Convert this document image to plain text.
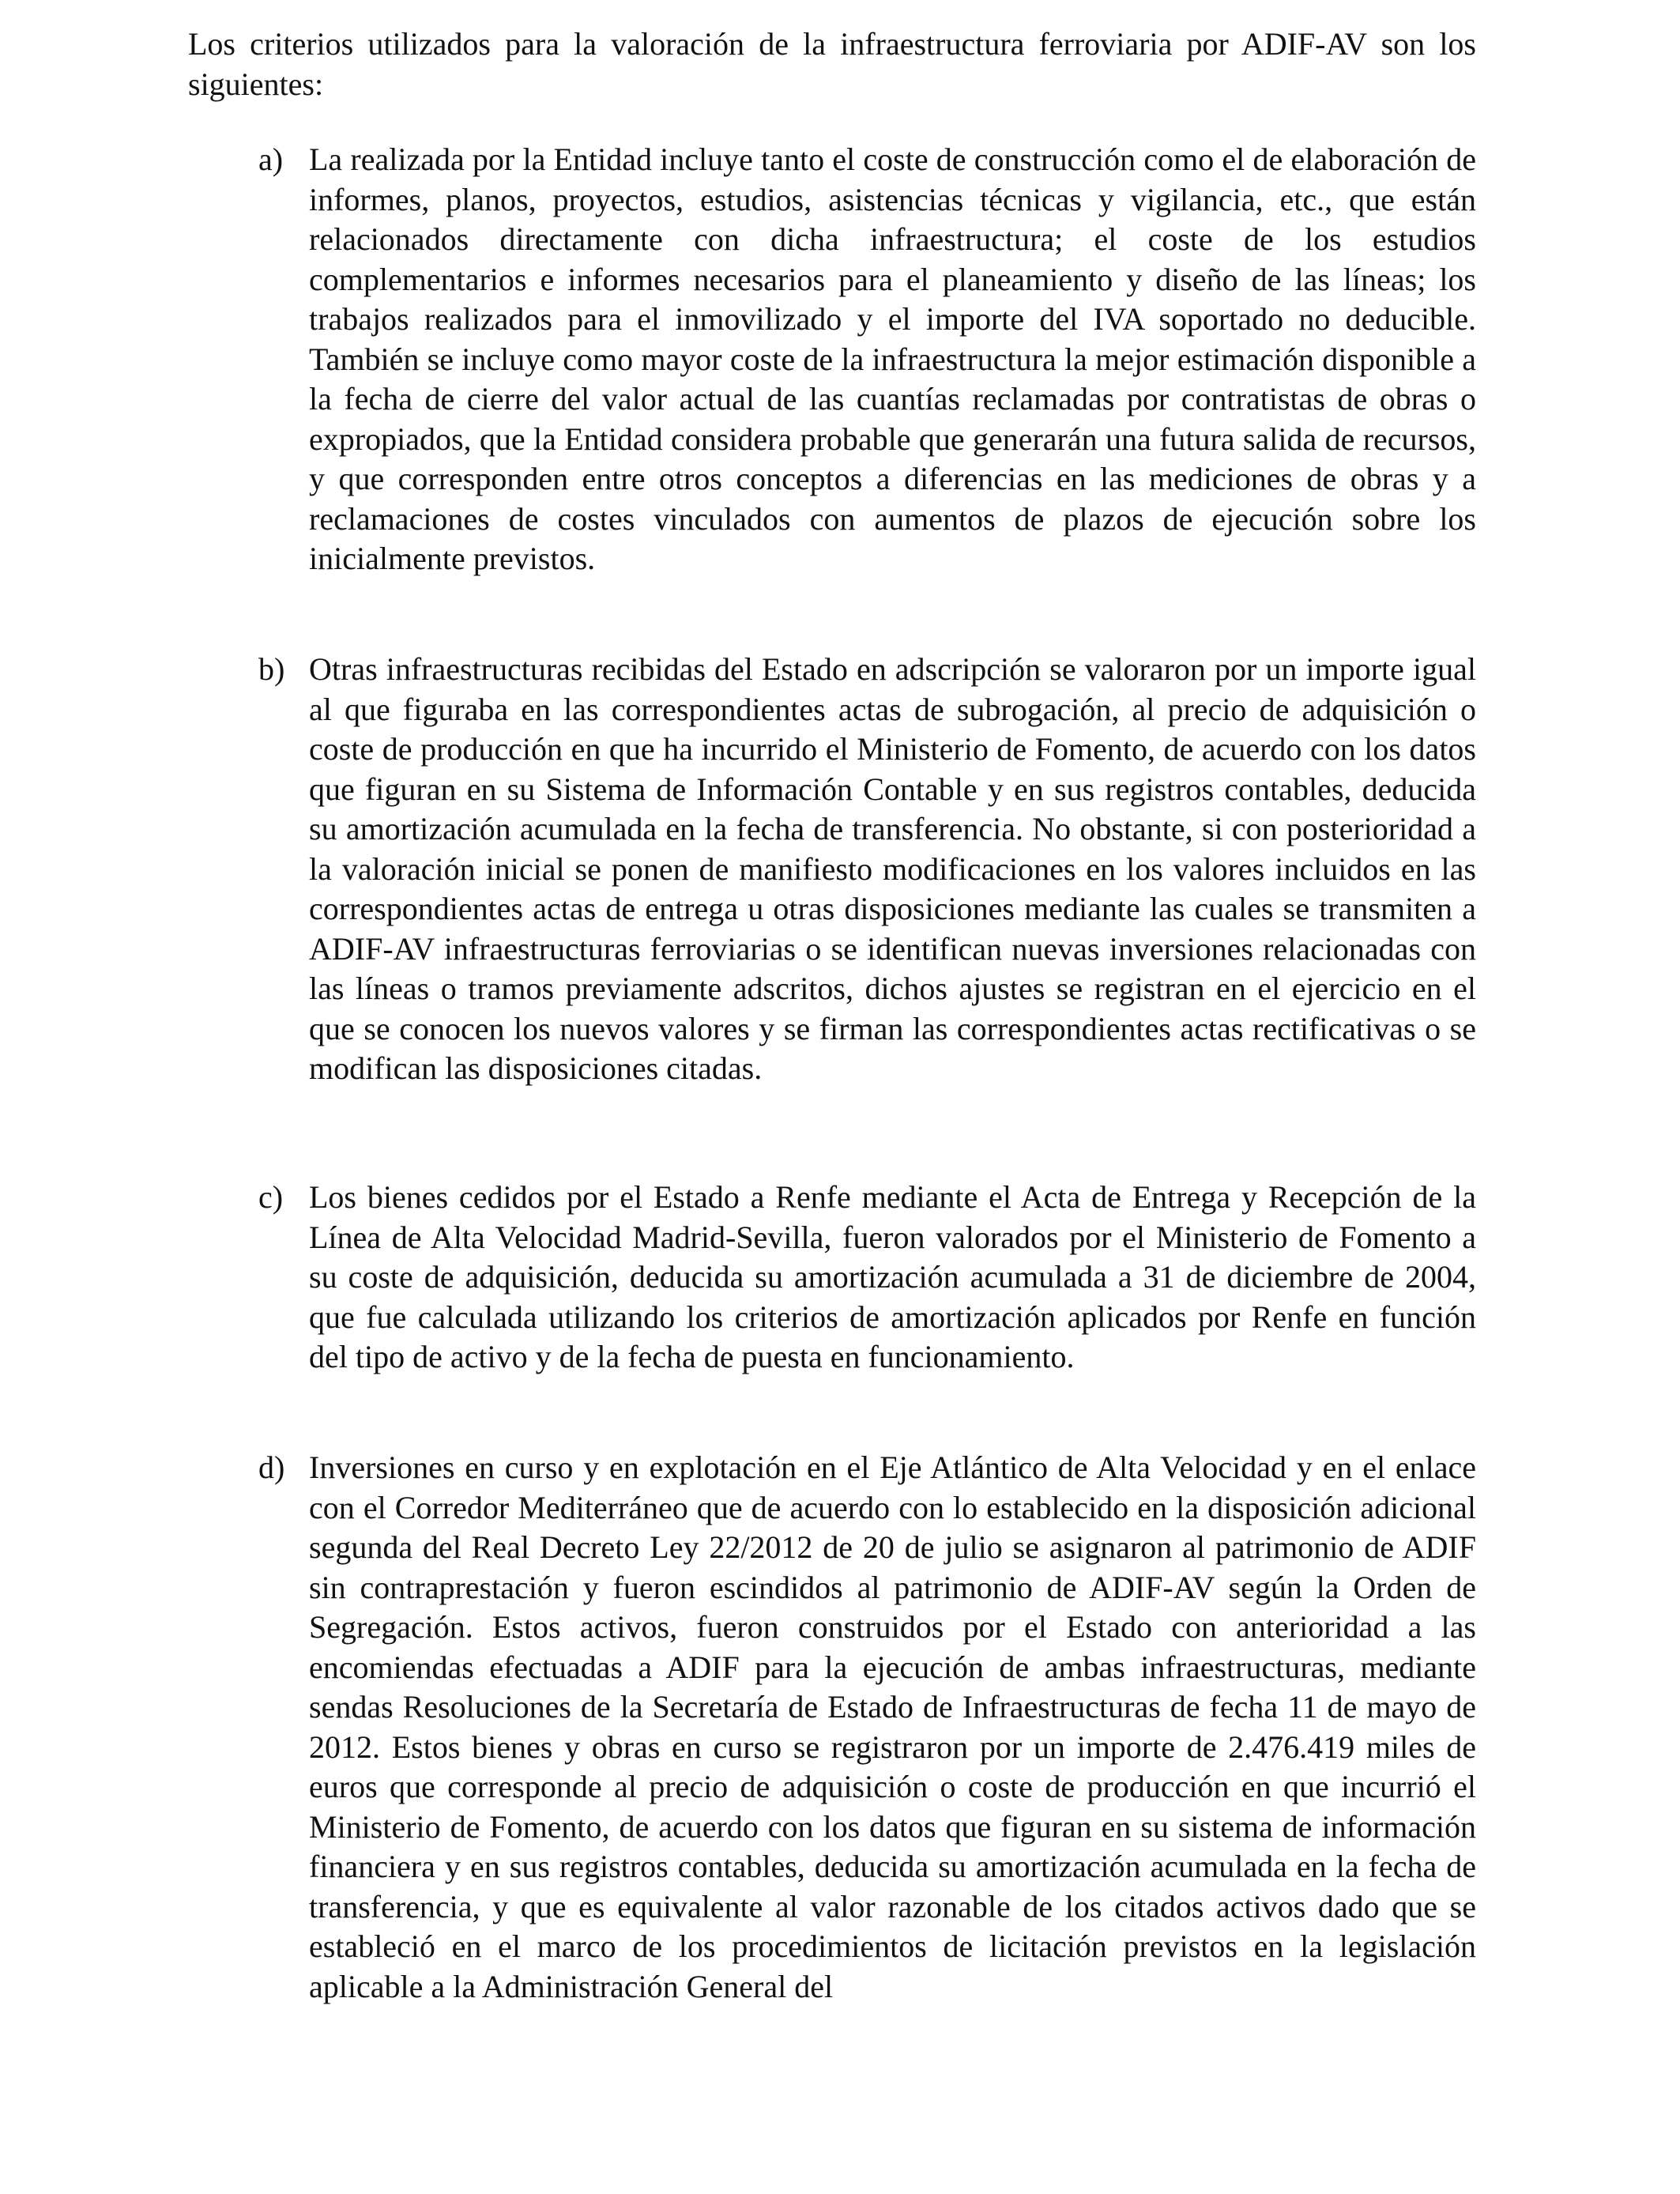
Los criterios utilizados para la valoración de la infraestructura ferroviaria por ADIF-AV son los siguientes:

a) La realizada por la Entidad incluye tanto el coste de construcción como el de elaboración de informes, planos, proyectos, estudios, asistencias técnicas y vigilancia, etc., que están relacionados directamente con dicha infraestructura; el coste de los estudios complementarios e informes necesarios para el planeamiento y diseño de las líneas; los trabajos realizados para el inmovilizado y el importe del IVA soportado no deducible. También se incluye como mayor coste de la infraestructura la mejor estimación disponible a la fecha de cierre del valor actual de las cuantías reclamadas por contratistas de obras o expropiados, que la Entidad considera probable que generarán una futura salida de recursos, y que corresponden entre otros conceptos a diferencias en las mediciones de obras y a reclamaciones de costes vinculados con aumentos de plazos de ejecución sobre los inicialmente previstos.
b) Otras infraestructuras recibidas del Estado en adscripción se valoraron por un importe igual al que figuraba en las correspondientes actas de subrogación, al precio de adquisición o coste de producción en que ha incurrido el Ministerio de Fomento, de acuerdo con los datos que figuran en su Sistema de Información Contable y en sus registros contables, deducida su amortización acumulada en la fecha de transferencia. No obstante, si con posterioridad a la valoración inicial se ponen de manifiesto modificaciones en los valores incluidos en las correspondientes actas de entrega u otras disposiciones mediante las cuales se transmiten a ADIF-AV infraestructuras ferroviarias o se identifican nuevas inversiones relacionadas con las líneas o tramos previamente adscritos, dichos ajustes se registran en el ejercicio en el que se conocen los nuevos valores y se firman las correspondientes actas rectificativas o se modifican las disposiciones citadas.
c) Los bienes cedidos por el Estado a Renfe mediante el Acta de Entrega y Recepción de la Línea de Alta Velocidad Madrid-Sevilla, fueron valorados por el Ministerio de Fomento a su coste de adquisición, deducida su amortización acumulada a 31 de diciembre de 2004, que fue calculada utilizando los criterios de amortización aplicados por Renfe en función del tipo de activo y de la fecha de puesta en funcionamiento.
d) Inversiones en curso y en explotación en el Eje Atlántico de Alta Velocidad y en el enlace con el Corredor Mediterráneo que de acuerdo con lo establecido en la disposición adicional segunda del Real Decreto Ley 22/2012 de 20 de julio se asignaron al patrimonio de ADIF sin contraprestación y fueron escindidos al patrimonio de ADIF-AV según la Orden de Segregación. Estos activos, fueron construidos por el Estado con anterioridad a las encomiendas efectuadas a ADIF para la ejecución de ambas infraestructuras, mediante sendas Resoluciones de la Secretaría de Estado de Infraestructuras de fecha 11 de mayo de 2012. Estos bienes y obras en curso se registraron por un importe de 2.476.419 miles de euros que corresponde al precio de adquisición o coste de producción en que incurrió el Ministerio de Fomento, de acuerdo con los datos que figuran en su sistema de información financiera y en sus registros contables, deducida su amortización acumulada en la fecha de transferencia, y que es equivalente al valor razonable de los citados activos dado que se estableció en el marco de los procedimientos de licitación previstos en la legislación aplicable a la Administración General del
